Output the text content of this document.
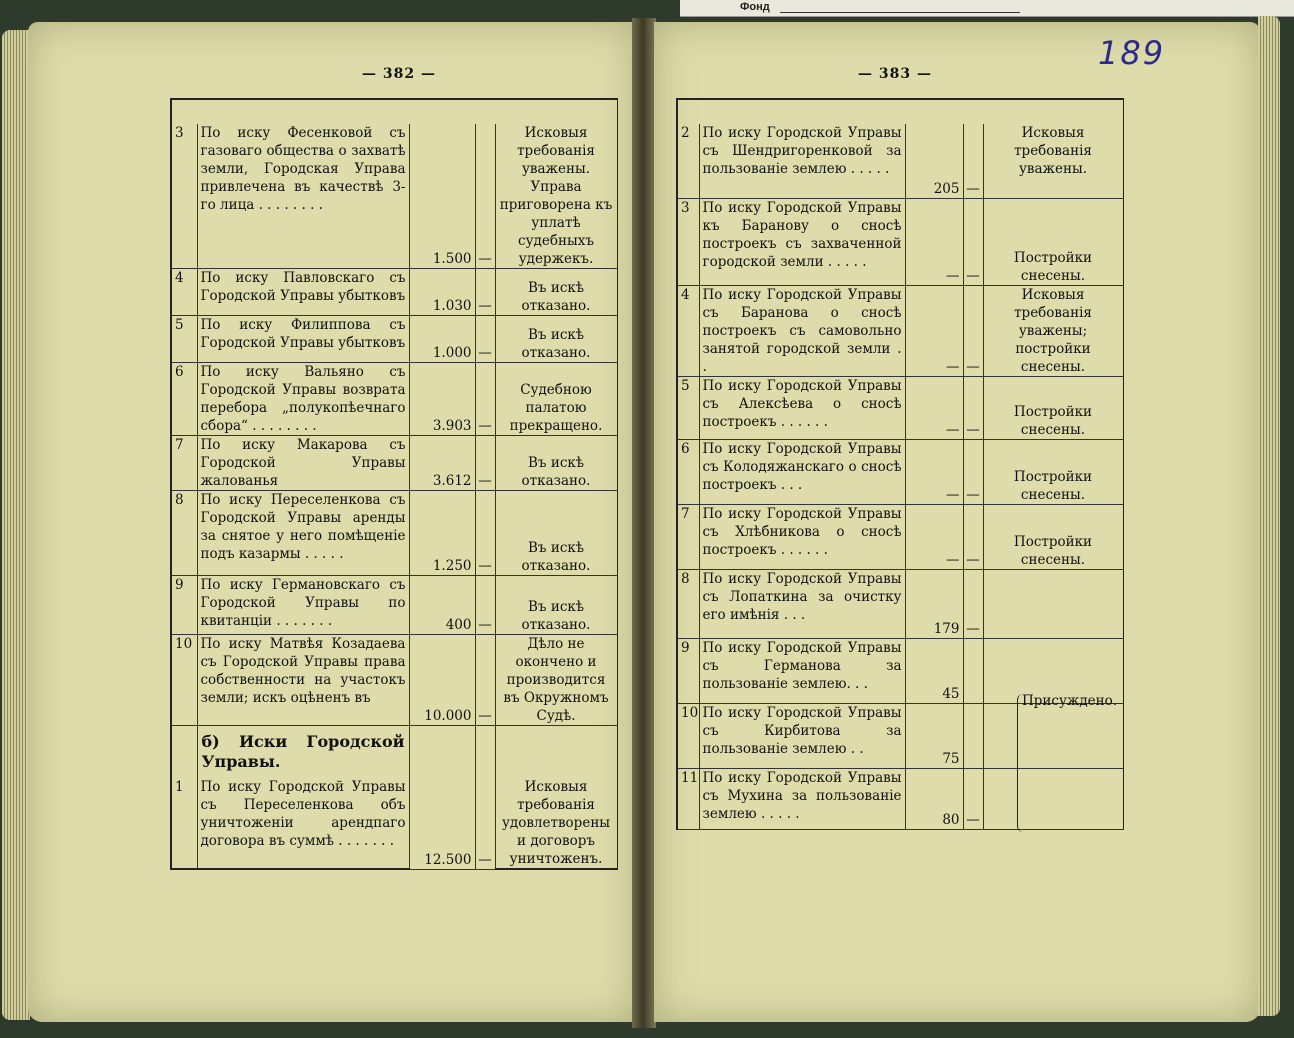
Фонд
— 382 —	— 383 —
189

3	По иску Фесенковой съ газоваго общества о захватѣ земли, Городская Управа привлечена въ качествѣ 3-го лица . . . . . . . .	1.500	—	Исковыя требованія уважены. Управа приговорена къ уплатѣ судебныхъ удержекъ.
4	По иску Павловскаго съ Городской Управы убытковъ	1.030	—	Въ искѣ отказано.
5	По иску Филиппова съ Городской Управы убытковъ	1.000	—	Въ искѣ отказано.
6	По иску Вальяно съ Городской Управы возврата перебора „полукопѣечнаго сбора“ . . . . . . . .	3.903	—	Судебною палатою прекращено.
7	По иску Макарова съ Городской Управы жалованья	3.612	—	Въ искѣ отказано.
8	По иску Переселенкова съ Городской Управы аренды за снятое у него помѣщеніе подъ казармы . . . . .	1.250	—	Въ искѣ отказано.
9	По иску Германовскаго съ Городской Управы по квитанціи . . . . . . .	400	—	Въ искѣ отказано.
10	По иску Матвѣя Козадаева съ Городской Управы права собственности на участокъ земли; искъ оцѣненъ въ	10.000	—	Дѣло не окончено и производится въ Окружномъ Судѣ.
	б) Иски Городской Управы.			
1	По иску Городской Управы съ Переселенкова объ уничтоженіи арендпаго договора въ суммѣ . . . . . . .	12.500	—	Исковыя требованія удовлетворены и договоръ уничтоженъ.

2	По иску Городской Управы съ Шендригоренковой за пользованіе землею . . . . .	205	—	Исковыя требованія уважены.
3	По иску Городской Управы къ Баранову о сносѣ построекъ съ захваченной городской земли . . . . .	—	—	Постройки снесены.
4	По иску Городской Управы съ Баранова о сносѣ построекъ съ самовольно занятой городской земли . .	—	—	Исковыя требованія уважены; постройки снесены.
5	По иску Городской Управы съ Алексѣева о сносѣ построекъ . . . . . .	—	—	Постройки снесены.
6	По иску Городской Управы съ Колодяжанскаго о сносѣ построекъ . . .	—	—	Постройки снесены.
7	По иску Городской Управы съ Хлѣбникова о сносѣ построекъ . . . . . .	—	—	Постройки снесены.
8	По иску Городской Управы съ Лопаткина за очистку его имѣнія . . .	179	—	
9	По иску Городской Управы съ Германова за пользованіе землею. . .	45		
10	По иску Городской Управы съ Кирбитова за пользованіе землею . .	75		
11	По иску Городской Управы съ Мухина за пользованіе землею . . . . .	80	—	
Присуждено.
